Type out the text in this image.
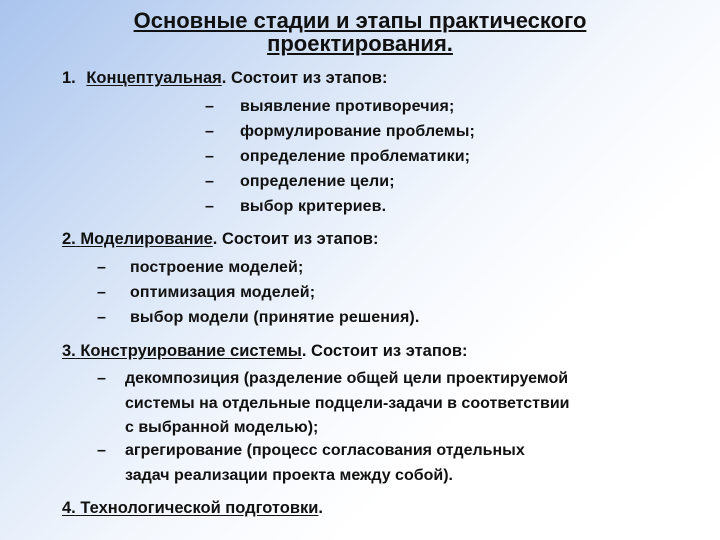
Основные стадии и этапы практического
проектирования.
1. Концептуальная. Состоит из этапов:
– выявление противоречия;
– формулирование проблемы;
– определение проблематики;
– определение цели;
– выбор критериев.
2. Моделирование. Состоит из этапов:
– построение моделей;
– оптимизация моделей;
– выбор модели (принятие решения).
3. Конструирование системы. Состоит из этапов:
– декомпозиция (разделение общей цели проектируемой
системы на отдельные подцели-задачи в соответствии
с выбранной моделью);
– агрегирование (процесс согласования отдельных
задач реализации проекта между собой).
4. Технологической подготовки.
